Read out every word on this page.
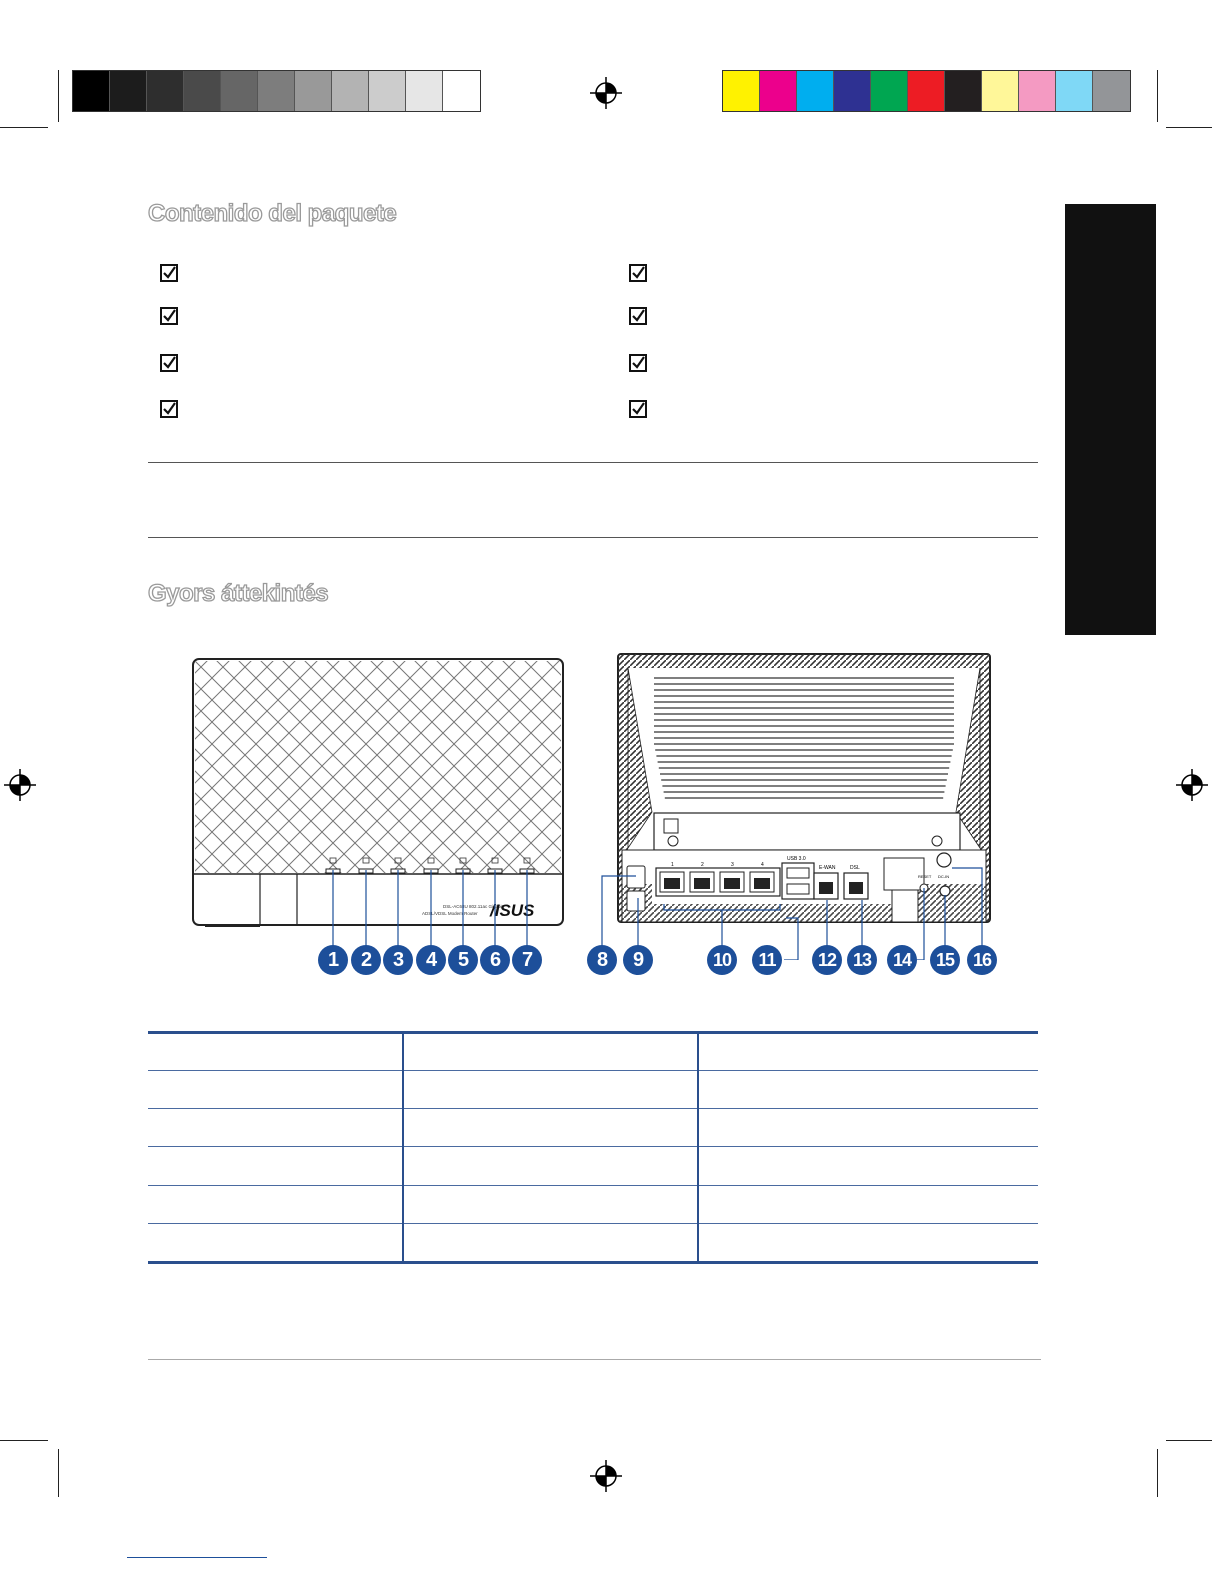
Contenido del paquete
Gyors áttekintés
DSL-AC68U 802.11ac Gigabit
ADSL/VDSL Modem Router /ISUS
1	2	3	4
USB 3.0
E-WAN	DSL
RESET DC-IN
1	2	3	4	5	6	7	8	9	10	11	12 13	14	15	16
